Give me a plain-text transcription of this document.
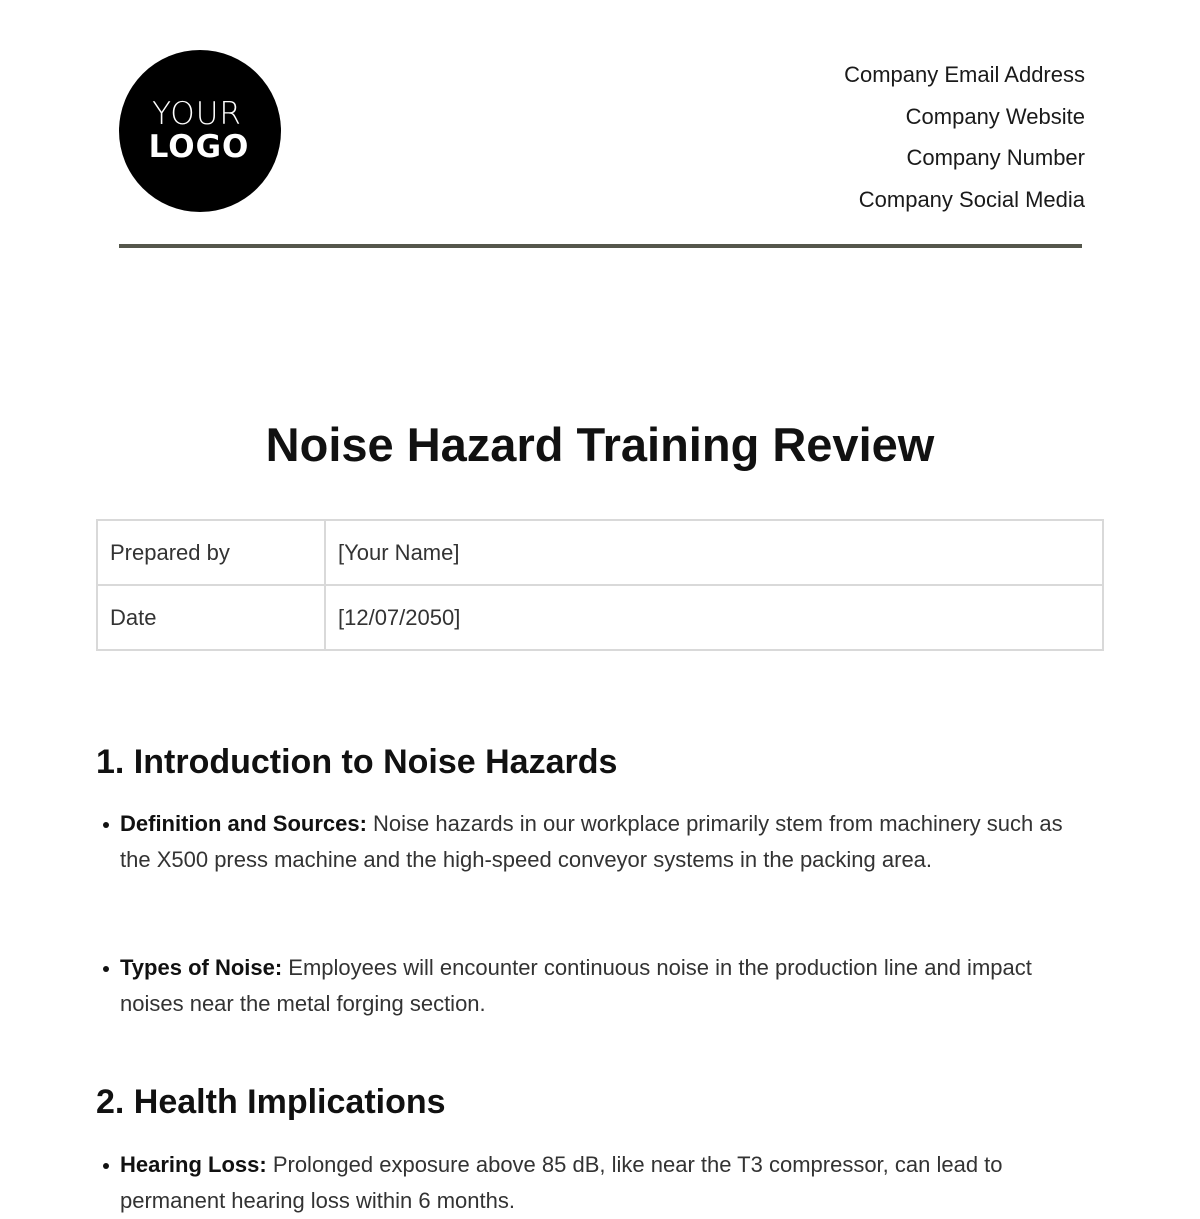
YOUR
LOGO
Company Email Address
Company Website
Company Number
Company Social Media
Noise Hazard Training Review
Prepared by	[Your Name]
Date	[12/07/2050]
1. Introduction to Noise Hazards
Definition and Sources: Noise hazards in our workplace primarily stem from machinery such as the X500 press machine and the high-speed conveyor systems in the packing area.
Types of Noise: Employees will encounter continuous noise in the production line and impact noises near the metal forging section.
2. Health Implications
Hearing Loss: Prolonged exposure above 85 dB, like near the T3 compressor, can lead to permanent hearing loss within 6 months.
